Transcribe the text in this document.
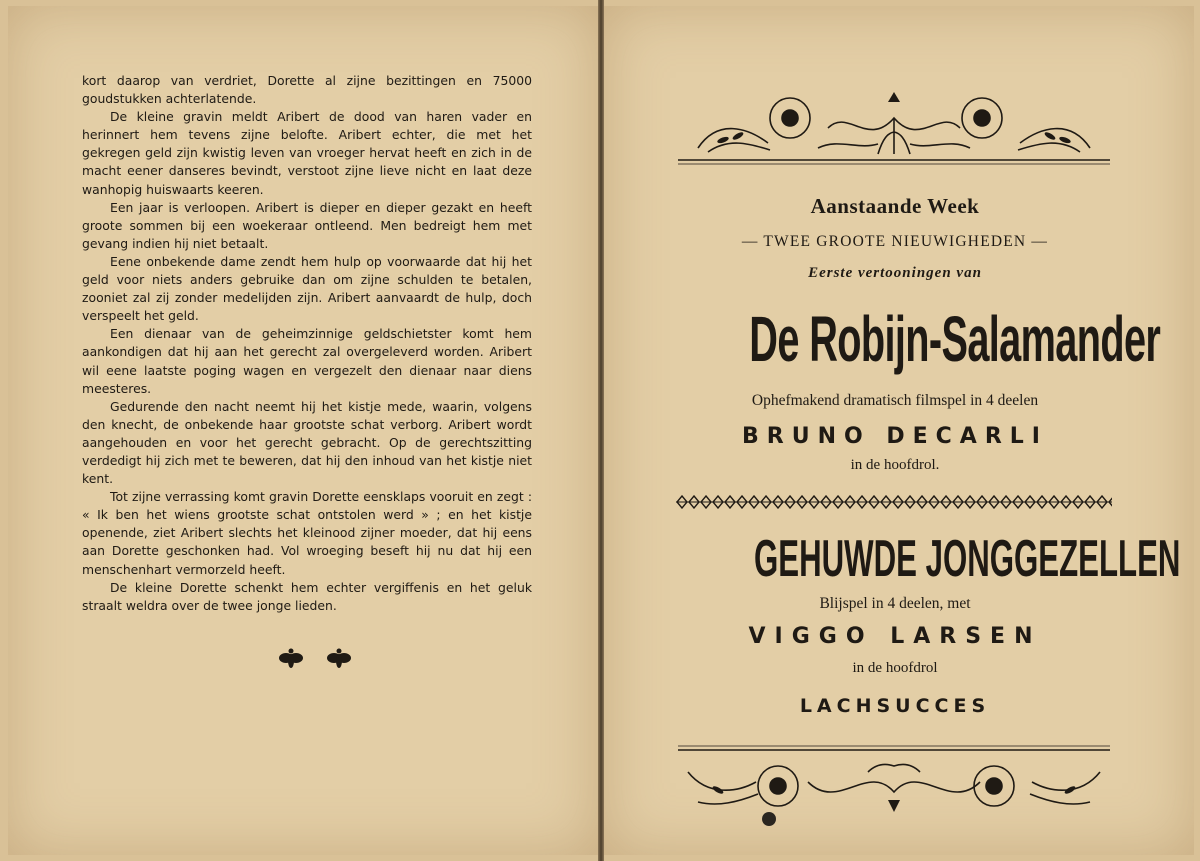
kort daarop van verdriet, Dorette al zijne bezittingen en 75000 goudstukken achterlatende.

De kleine gravin meldt Aribert de dood van haren vader en herinnert hem tevens zijne belofte. Aribert echter, die met het gekregen geld zijn kwistig leven van vroeger hervat heeft en zich in de macht eener danseres bevindt, verstoot zijne lieve nicht en laat deze wanhopig huiswaarts keeren.

Een jaar is verloopen. Aribert is dieper en dieper gezakt en heeft groote sommen bij een woekeraar ontleend. Men bedreigt hem met gevang indien hij niet betaalt.

Eene onbekende dame zendt hem hulp op voorwaarde dat hij het geld voor niets anders gebruike dan om zijne schulden te betalen, zooniet zal zij zonder medelijden zijn. Aribert aanvaardt de hulp, doch verspeelt het geld.

Een dienaar van de geheimzinnige geldschietster komt hem aankondigen dat hij aan het gerecht zal overgeleverd worden. Aribert wil eene laatste poging wagen en vergezelt den dienaar naar diens meesteres.

Gedurende den nacht neemt hij het kistje mede, waarin, volgens den knecht, de onbekende haar grootste schat verborg. Aribert wordt aangehouden en voor het gerecht gebracht. Op de gerechtszitting verdedigt hij zich met te beweren, dat hij den inhoud van het kistje niet kent.

Tot zijne verrassing komt gravin Dorette eensklaps vooruit en zegt : « Ik ben het wiens grootste schat ontstolen werd » ; en het kistje openende, ziet Aribert slechts het kleinood zijner moeder, dat hij eens aan Dorette geschonken had. Vol wroeging beseft hij nu dat hij een menschenhart vermorzeld heeft.

De kleine Dorette schenkt hem echter vergiffenis en het geluk straalt weldra over de twee jonge lieden.

Aanstaande Week
— TWEE GROOTE NIEUWIGHEDEN —
Eerste vertooningen van
De Robijn-Salamander
Ophefmakend dramatisch filmspel in 4 deelen
BRUNO DECARLI
in de hoofdrol.
GEHUWDE JONGGEZELLEN
Blijspel in 4 deelen, met
VIGGO LARSEN
in de hoofdrol
LACHSUCCES
